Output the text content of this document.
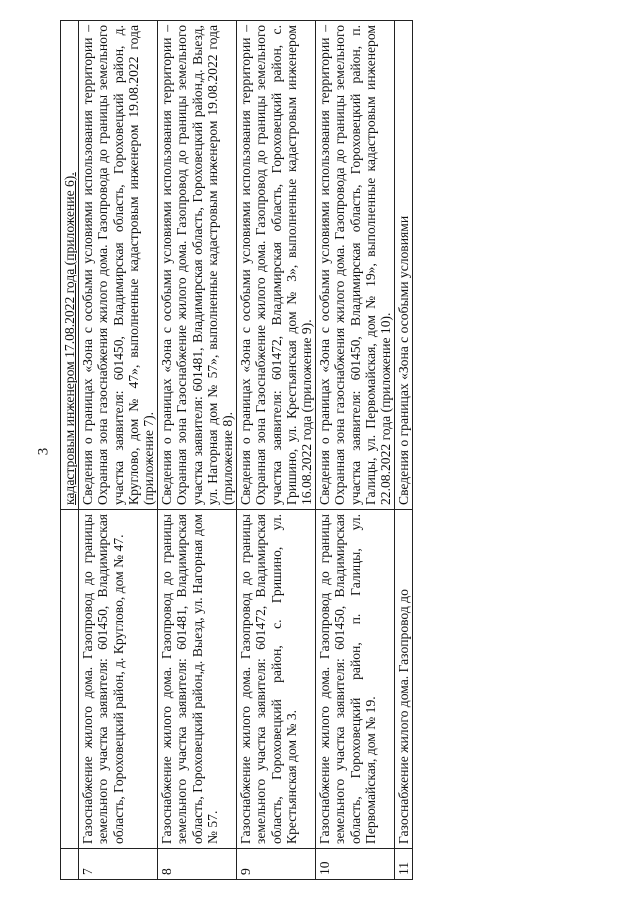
3
		кадастровым инженером 17.08.2022 года (приложение 6).
7	Газоснабжение жилого дома. Газопровод до границы земельного участка заявителя: 601450, Владимирская область, Гороховецкий район, д. Круглово, дом № 47.	Сведения о границах «Зона с особыми условиями использования территории – Охранная зона газоснабжения жилого дома. Газопровода до границы земельного участка заявителя: 601450, Владимирская область, Гороховецкий район, д. Круглово, дом № 47», выполненные кадастровым инженером 19.08.2022 года (приложение 7).
8	Газоснабжение жилого дома. Газопровод до границы земельного участка заявителя: 601481, Владимирская область, Гороховецкий район,д. Выезд, ул. Нагорная дом № 57.	Сведения о границах «Зона с особыми условиями использования территории – Охранная зона Газоснабжение жилого дома. Газопровод до границы земельного участка заявителя: 601481, Владимирская область, Гороховецкий район,д. Выезд, ул. Нагорная дом № 57», выполненные кадастровым инженером 19.08.2022 года (приложение 8).
9	Газоснабжение жилого дома. Газопровод до границы земельного участка заявителя: 601472, Владимирская область, Гороховецкий район, с. Гришино, ул. Крестьянская дом № 3.	Сведения о границах «Зона с особыми условиями использования территории – Охранная зона Газоснабжение жилого дома. Газопровод до границы земельного участка заявителя: 601472, Владимирская область, Гороховецкий район, с. Гришино, ул. Крестьянская дом № 3», выполненные кадастровым инженером 16.08.2022 года (приложение 9).
10	Газоснабжение жилого дома. Газопровод до границы земельного участка заявителя: 601450, Владимирская область, Гороховецкий район, п. Галицы, ул. Первомайская, дом № 19.	Сведения о границах «Зона с особыми условиями использования территории – Охранная зона газоснабжения жилого дома. Газопровода до границы земельного участка заявителя: 601450, Владимирская область, Гороховецкий район, п. Галицы, ул. Первомайская, дом № 19», выполненные кадастровым инженером 22.08.2022 года (приложение 10).
11	Газоснабжение жилого дома. Газопровод до	Сведения о границах «Зона с особыми условиями
